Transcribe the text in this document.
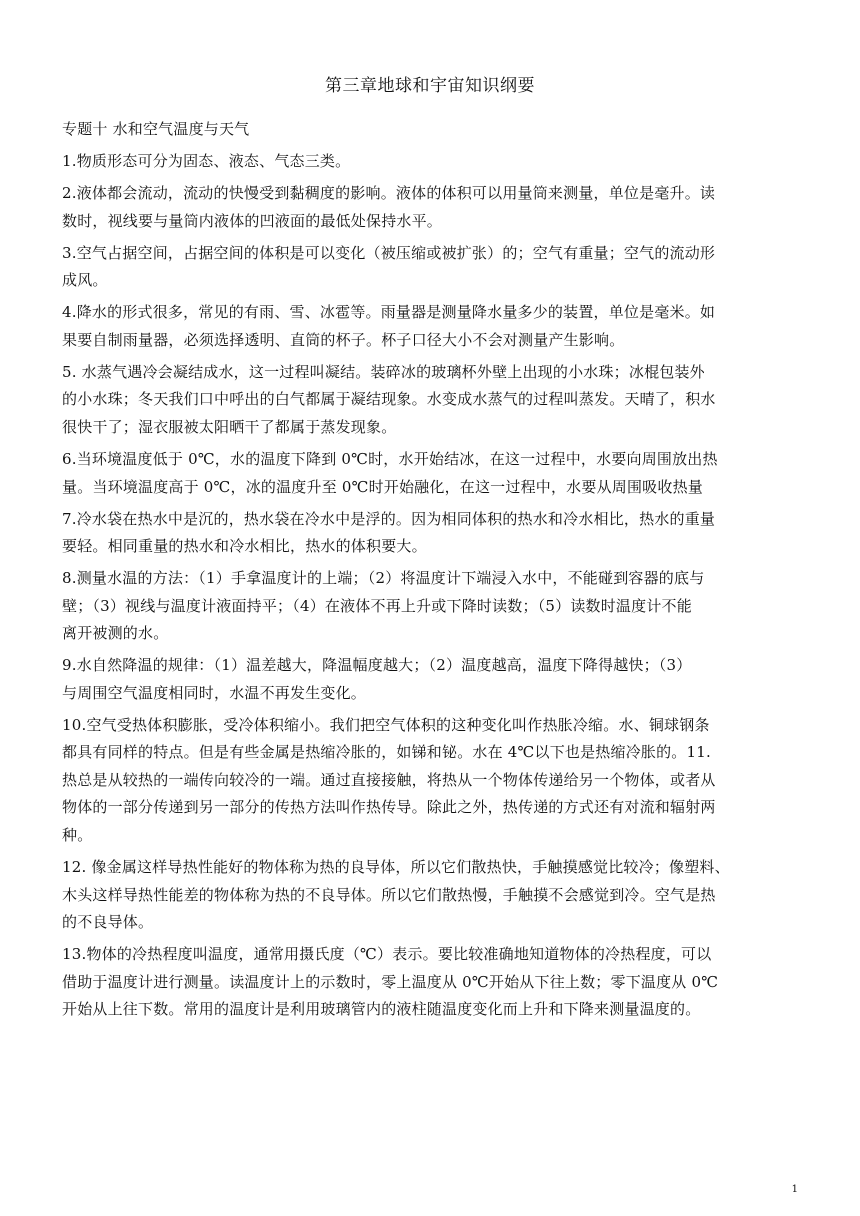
第三章地球和宇宙知识纲要
专题十 水和空气温度与天气
1.物质形态可分为固态、液态、气态三类。
2.液体都会流动，流动的快慢受到黏稠度的影响。液体的体积可以用量筒来测量，单位是毫升。读
数时，视线要与量筒内液体的凹液面的最低处保持水平。
3.空气占据空间，占据空间的体积是可以变化（被压缩或被扩张）的；空气有重量；空气的流动形
成风。
4.降水的形式很多，常见的有雨、雪、冰雹等。雨量器是测量降水量多少的装置，单位是毫米。如
果要自制雨量器，必须选择透明、直筒的杯子。杯子口径大小不会对测量产生影响。
5. 水蒸气遇冷会凝结成水，这一过程叫凝结。装碎冰的玻璃杯外壁上出现的小水珠；冰棍包装外
的小水珠；冬天我们口中呼出的白气都属于凝结现象。水变成水蒸气的过程叫蒸发。天晴了，积水
很快干了；湿衣服被太阳晒干了都属于蒸发现象。
6.当环境温度低于 0℃，水的温度下降到 0℃时，水开始结冰，在这一过程中，水要向周围放出热
量。当环境温度高于 0℃，冰的温度升至 0℃时开始融化，在这一过程中，水要从周围吸收热量
7.冷水袋在热水中是沉的，热水袋在冷水中是浮的。因为相同体积的热水和冷水相比，热水的重量
要轻。相同重量的热水和冷水相比，热水的体积要大。
8.测量水温的方法：（1）手拿温度计的上端；（2）将温度计下端浸入水中，不能碰到容器的底与
壁；（3）视线与温度计液面持平；（4）在液体不再上升或下降时读数；（5）读数时温度计不能
离开被测的水。
9.水自然降温的规律：（1）温差越大，降温幅度越大；（2）温度越高，温度下降得越快；（3）
与周围空气温度相同时，水温不再发生变化。
10.空气受热体积膨胀，受冷体积缩小。我们把空气体积的这种变化叫作热胀冷缩。水、铜球钢条
都具有同样的特点。但是有些金属是热缩冷胀的，如锑和铋。水在 4℃以下也是热缩冷胀的。11.
热总是从较热的一端传向较冷的一端。通过直接接触，将热从一个物体传递给另一个物体，或者从
物体的一部分传递到另一部分的传热方法叫作热传导。除此之外，热传递的方式还有对流和辐射两
种。
12. 像金属这样导热性能好的物体称为热的良导体，所以它们散热快，手触摸感觉比较冷；像塑料、
木头这样导热性能差的物体称为热的不良导体。所以它们散热慢，手触摸不会感觉到冷。空气是热
的不良导体。
13.物体的冷热程度叫温度，通常用摄氏度（℃）表示。要比较准确地知道物体的冷热程度，可以
借助于温度计进行测量。读温度计上的示数时，零上温度从 0℃开始从下往上数；零下温度从 0℃
开始从上往下数。常用的温度计是利用玻璃管内的液柱随温度变化而上升和下降来测量温度的。
1
